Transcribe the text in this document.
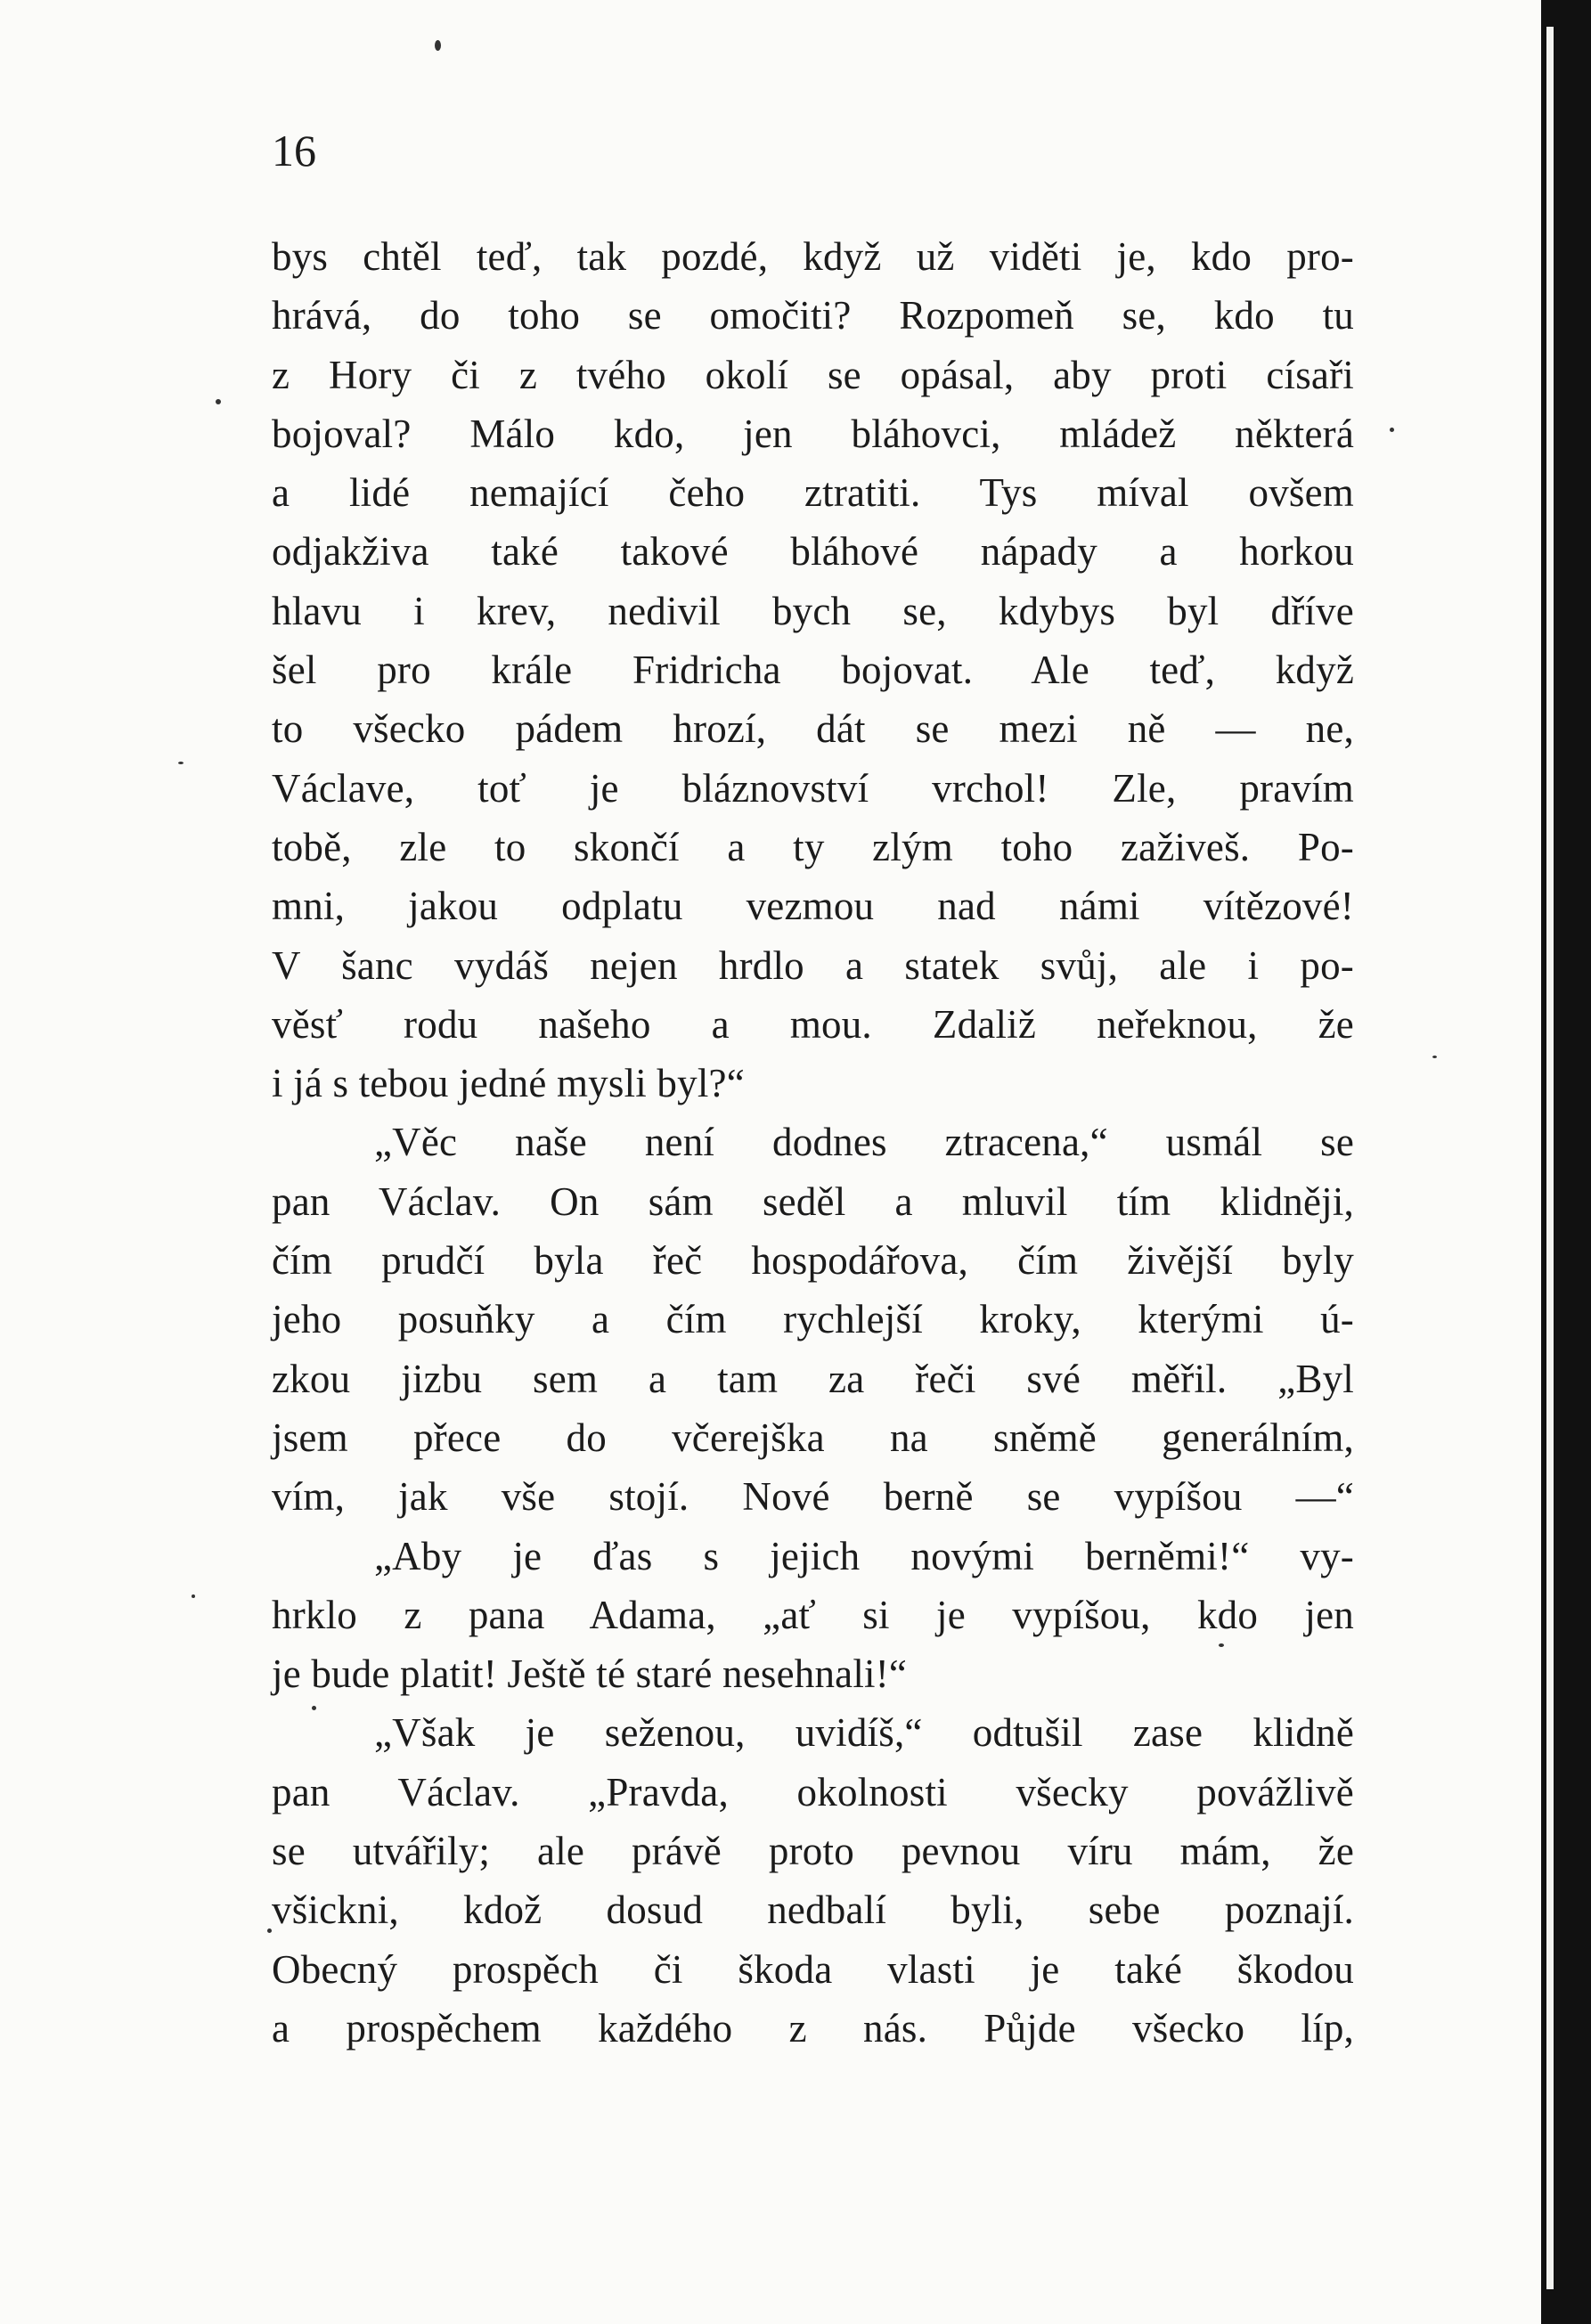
16
bys chtěl teď, tak pozdé, když už viděti je, kdo pro-
hrává, do toho se omočiti? Rozpomeň se, kdo tu
z Hory či z tvého okolí se opásal, aby proti císaři
bojoval? Málo kdo, jen bláhovci, mládež některá
a lidé nemající čeho ztratiti. Tys míval ovšem
odjakživa také takové bláhové nápady a horkou
hlavu i krev, nedivil bych se, kdybys byl dříve
šel pro krále Fridricha bojovat. Ale teď, když
to všecko pádem hrozí, dát se mezi ně — ne,
Václave, toť je bláznovství vrchol! Zle, pravím
tobě, zle to skončí a ty zlým toho zaživeš. Po-
mni, jakou odplatu vezmou nad námi vítězové!
V šanc vydáš nejen hrdlo a statek svůj, ale i po-
věsť rodu našeho a mou. Zdaliž neřeknou, že
i já s tebou jedné mysli byl?“
„Věc naše není dodnes ztracena,“ usmál se
pan Václav. On sám seděl a mluvil tím klidněji,
čím prudčí byla řeč hospodářova, čím živější byly
jeho posuňky a čím rychlejší kroky, kterými ú-
zkou jizbu sem a tam za řeči své měřil. „Byl
jsem přece do včerejška na sněmě generálním,
vím, jak vše stojí. Nové berně se vypíšou —“
„Aby je ďas s jejich novými berněmi!“ vy-
hrklo z pana Adama, „ať si je vypíšou, kdo jen
je bude platit! Ještě té staré nesehnali!“
„Však je seženou, uvidíš,“ odtušil zase klidně
pan Václav. „Pravda, okolnosti všecky povážlivě
se utvářily; ale právě proto pevnou víru mám, že
všickni, kdož dosud nedbalí byli, sebe poznají.
Obecný prospěch či škoda vlasti je také škodou
a prospěchem každého z nás. Půjde všecko líp,
